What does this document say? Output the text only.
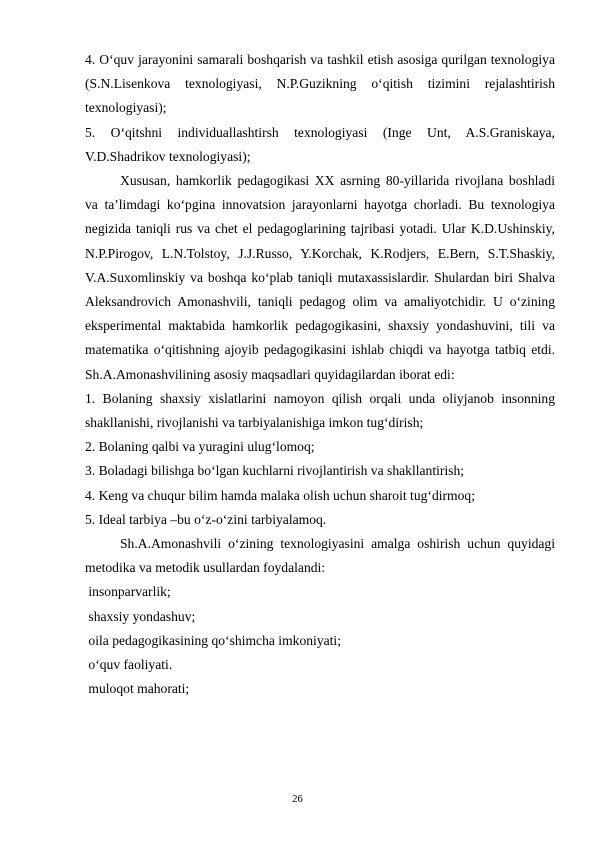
4. O‘quv jarayonini samarali boshqarish va tashkil etish asosiga qurilgan texnologiya (S.N.Lisenkova texnologiyasi, N.P.Guzikning o‘qitish tizimini rejalashtirish texnologiyasi);

5. O‘qitshni individuallashtirsh texnologiyasi (Inge Unt, A.S.Graniskaya, V.D.Shadrikov texnologiyasi);

Xususan, hamkorlik pedagogikasi XX asrning 80-yillarida rivojlana boshladi va ta’limdagi ko‘pgina innovatsion jarayonlarni hayotga chorladi. Bu texnologiya negizida taniqli rus va chet el pedagoglarining tajribasi yotadi. Ular K.D.Ushinskiy, N.P.Pirogov, L.N.Tolstoy, J.J.Russo, Y.Korchak, K.Rodjers, E.Bern, S.T.Shaskiy, V.A.Suxomlinskiy va boshqa ko‘plab taniqli mutaxassislardir. Shulardan biri Shalva Aleksandrovich Amonashvili, taniqli pedagog olim va amaliyotchidir. U o‘zining eksperimental maktabida hamkorlik pedagogikasini, shaxsiy yondashuvini, tili va matematika o‘qitishning ajoyib pedagogikasini ishlab chiqdi va hayotga tatbiq etdi. Sh.A.Amonashvilining asosiy maqsadlari quyidagilardan iborat edi:

1. Bolaning shaxsiy xislatlarini namoyon qilish orqali unda oliyjanob insonning shakllanishi, rivojlanishi va tarbiyalanishiga imkon tug‘dirish;

2. Bolaning qalbi va yuragini ulug‘lomoq;

3. Boladagi bilishga bo‘lgan kuchlarni rivojlantirish va shakllantirish;

4. Keng va chuqur bilim hamda malaka olish uchun sharoit tug‘dirmoq;

5. Ideal tarbiya –bu o‘z-o‘zini tarbiyalamoq.

Sh.A.Amonashvili o‘zining texnologiyasini amalga oshirish uchun quyidagi metodika va metodik usullardan foydalandi:

insonparvarlik;

shaxsiy yondashuv;

oila pedagogikasining qo‘shimcha imkoniyati;

o‘quv faoliyati.

muloqot mahorati;

26
